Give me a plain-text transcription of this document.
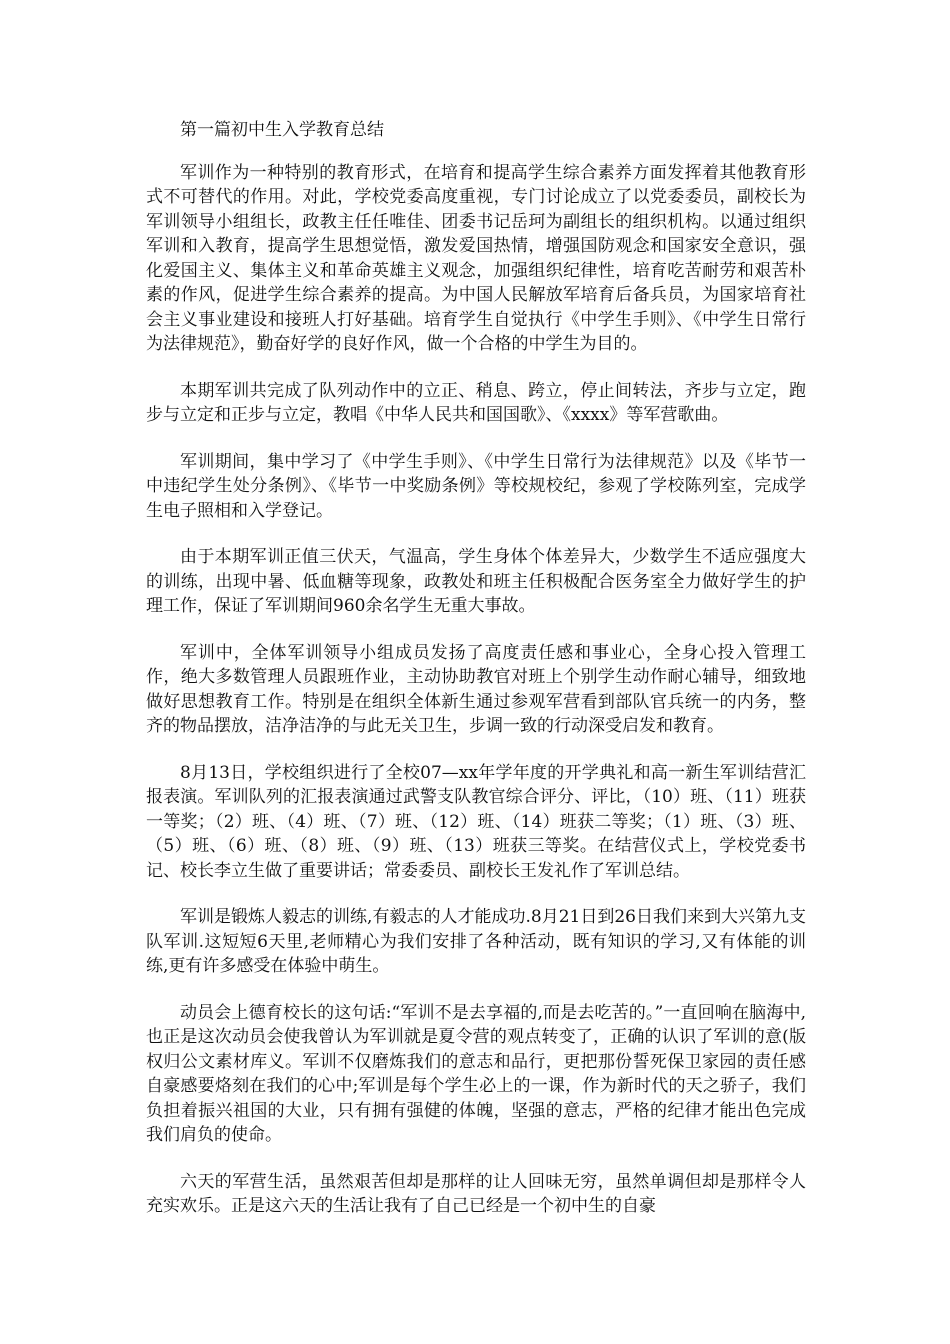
第一篇初中生入学教育总结

军训作为一种特别的教育形式，在培育和提高学生综合素养方面发挥着其他教育形式不可替代的作用。对此，学校党委高度重视，专门讨论成立了以党委委员，副校长为军训领导小组组长，政教主任任唯佳、团委书记岳珂为副组长的组织机构。以通过组织军训和入教育，提高学生思想觉悟，激发爱国热情，增强国防观念和国家安全意识，强化爱国主义、集体主义和革命英雄主义观念，加强组织纪律性，培育吃苦耐劳和艰苦朴素的作风，促进学生综合素养的提高。为中国人民解放军培育后备兵员，为国家培育社会主义事业建设和接班人打好基础。培育学生自觉执行《中学生手则》、《中学生日常行为法律规范》，勤奋好学的良好作风，做一个合格的中学生为目的。

本期军训共完成了队列动作中的立正、稍息、跨立，停止间转法，齐步与立定，跑步与立定和正步与立定，教唱《中华人民共和国国歌》、《xxxx》等军营歌曲。

军训期间，集中学习了《中学生手则》、《中学生日常行为法律规范》以及《毕节一中违纪学生处分条例》、《毕节一中奖励条例》等校规校纪，参观了学校陈列室，完成学生电子照相和入学登记。

由于本期军训正值三伏天，气温高，学生身体个体差异大，少数学生不适应强度大的训练，出现中暑、低血糖等现象，政教处和班主任积极配合医务室全力做好学生的护理工作，保证了军训期间960余名学生无重大事故。

军训中，全体军训领导小组成员发扬了高度责任感和事业心，全身心投入管理工作，绝大多数管理人员跟班作业，主动协助教官对班上个别学生动作耐心辅导，细致地做好思想教育工作。特别是在组织全体新生通过参观军营看到部队官兵统一的内务，整齐的物品摆放，洁净洁净的与此无关卫生，步调一致的行动深受启发和教育。

8月13日，学校组织进行了全校07—xx年学年度的开学典礼和高一新生军训结营汇报表演。军训队列的汇报表演通过武警支队教官综合评分、评比，（10）班、（11）班获一等奖；（2）班、（4）班、（7）班、（12）班、（14）班获二等奖；（1）班、（3）班、（5）班、（6）班、（8）班、（9）班、（13）班获三等奖。在结营仪式上，学校党委书记、校长李立生做了重要讲话；常委委员、副校长王发礼作了军训总结。

军训是锻炼人毅志的训练,有毅志的人才能成功.8月21日到26日我们来到大兴第九支队军训.这短短6天里,老师精心为我们安排了各种活动，既有知识的学习,又有体能的训练,更有许多感受在体验中萌生。

动员会上德育校长的这句话:“军训不是去享福的,而是去吃苦的。”一直回响在脑海中,也正是这次动员会使我曾认为军训就是夏令营的观点转变了，正确的认识了军训的意(版权归公文素材库义。军训不仅磨炼我们的意志和品行，更把那份誓死保卫家园的责任感自豪感要烙刻在我们的心中;军训是每个学生必上的一课，作为新时代的天之骄子，我们负担着振兴祖国的大业，只有拥有强健的体魄，坚强的意志，严格的纪律才能出色完成我们肩负的使命。

六天的军营生活，虽然艰苦但却是那样的让人回味无穷，虽然单调但却是那样令人充实欢乐。正是这六天的生活让我有了自己已经是一个初中生的自豪
